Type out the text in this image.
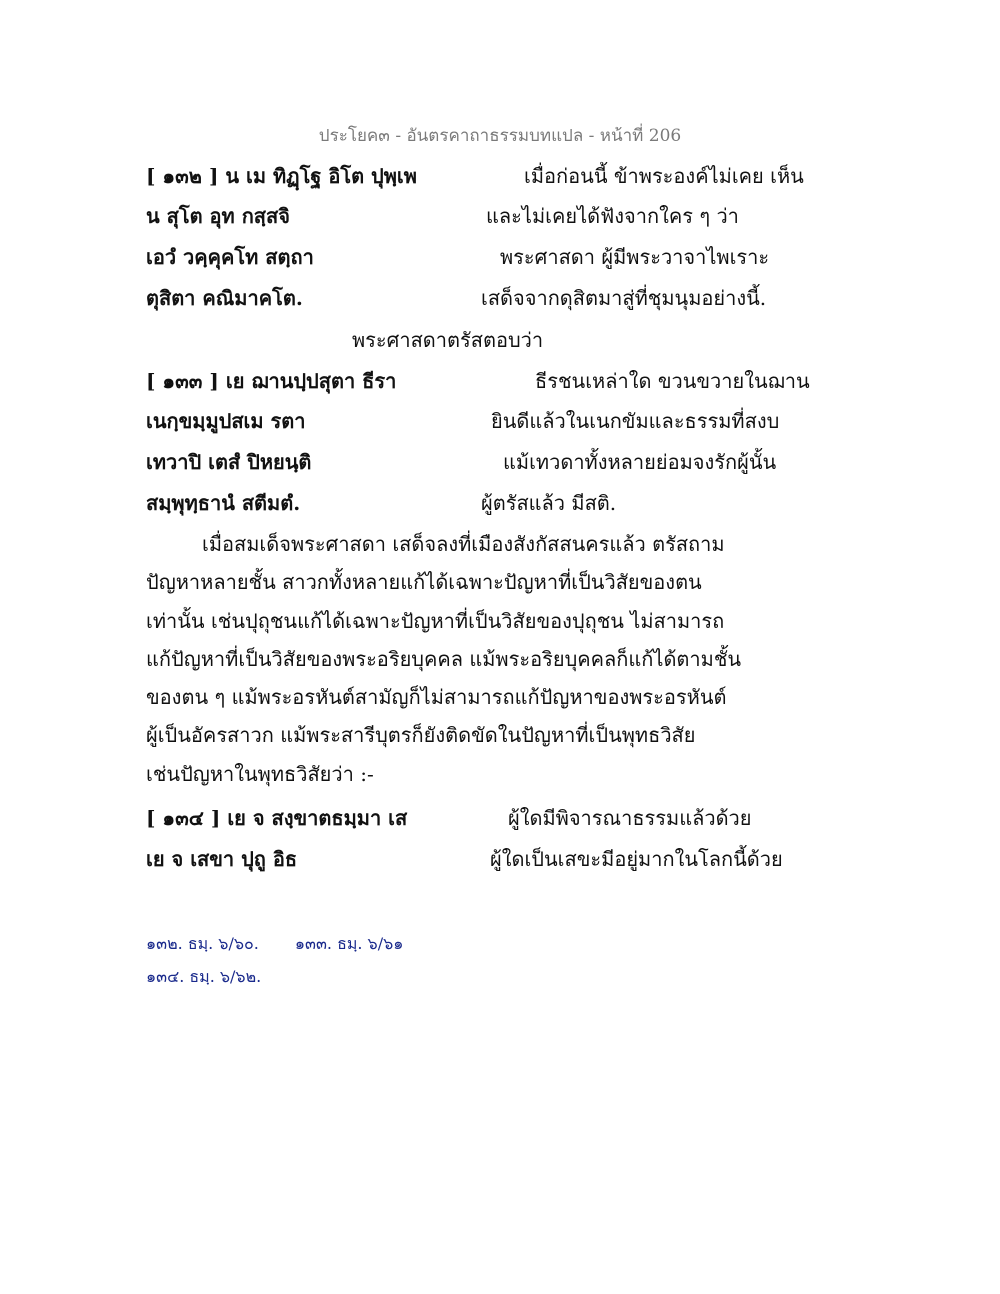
ประโยค๓ - อันตรคาถาธรรมบทแปล - หน้าที่ 206
[ ๑๓๒ ] น เม ทิฏฺโฐ อิโต ปุพฺเพ	เมื่อก่อนนี้ ข้าพระองค์ไม่เคย เห็น
น สุโต อุท กสฺสจิ	และไม่เคยได้ฟังจากใคร ๆ ว่า
เอวํ วคฺคุคโท สตฺถา	พระศาสดา ผู้มีพระวาจาไพเราะ
ตุสิตา คณิมาคโต.	เสด็จจากดุสิตมาสู่ที่ชุมนุมอย่างนี้.
พระศาสดาตรัสตอบว่า
[ ๑๓๓ ] เย ฌานปฺปสุตา ธีรา	ธีรชนเหล่าใด ขวนขวายในฌาน
เนกฺขมฺมูปสเม รตา	ยินดีแล้วในเนกขัมและธรรมที่สงบ
เทวาปิ เตสํ ปิหยนฺติ	แม้เทวดาทั้งหลายย่อมจงรักผู้นั้น
สมฺพุทฺธานํ สตีมตํ.	ผู้ตรัสแล้ว มีสติ.

เมื่อสมเด็จพระศาสดา เสด็จลงที่เมืองสังกัสสนครแล้ว ตรัสถาม

ปัญหาหลายชั้น สาวกทั้งหลายแก้ได้เฉพาะปัญหาที่เป็นวิสัยของตน

เท่านั้น เช่นปุถุชนแก้ได้เฉพาะปัญหาที่เป็นวิสัยของปุถุชน ไม่สามารถ

แก้ปัญหาที่เป็นวิสัยของพระอริยบุคคล แม้พระอริยบุคคลก็แก้ได้ตามชั้น

ของตน ๆ แม้พระอรหันต์สามัญก็ไม่สามารถแก้ปัญหาของพระอรหันต์

ผู้เป็นอัครสาวก แม้พระสารีบุตรก็ยังติดขัดในปัญหาที่เป็นพุทธวิสัย

เช่นปัญหาในพุทธวิสัยว่า :-

[ ๑๓๔ ] เย จ สงฺขาตธมฺมา เส	ผู้ใดมีพิจารณาธรรมแล้วด้วย
เย จ เสขา ปุถู อิธ	ผู้ใดเป็นเสขะมีอยู่มากในโลกนี้ด้วย
๑๓๒. ธมฺ. ๖/๖๐. ๑๓๓. ธมฺ. ๖/๖๑
๑๓๔. ธมฺ. ๖/๖๒.
